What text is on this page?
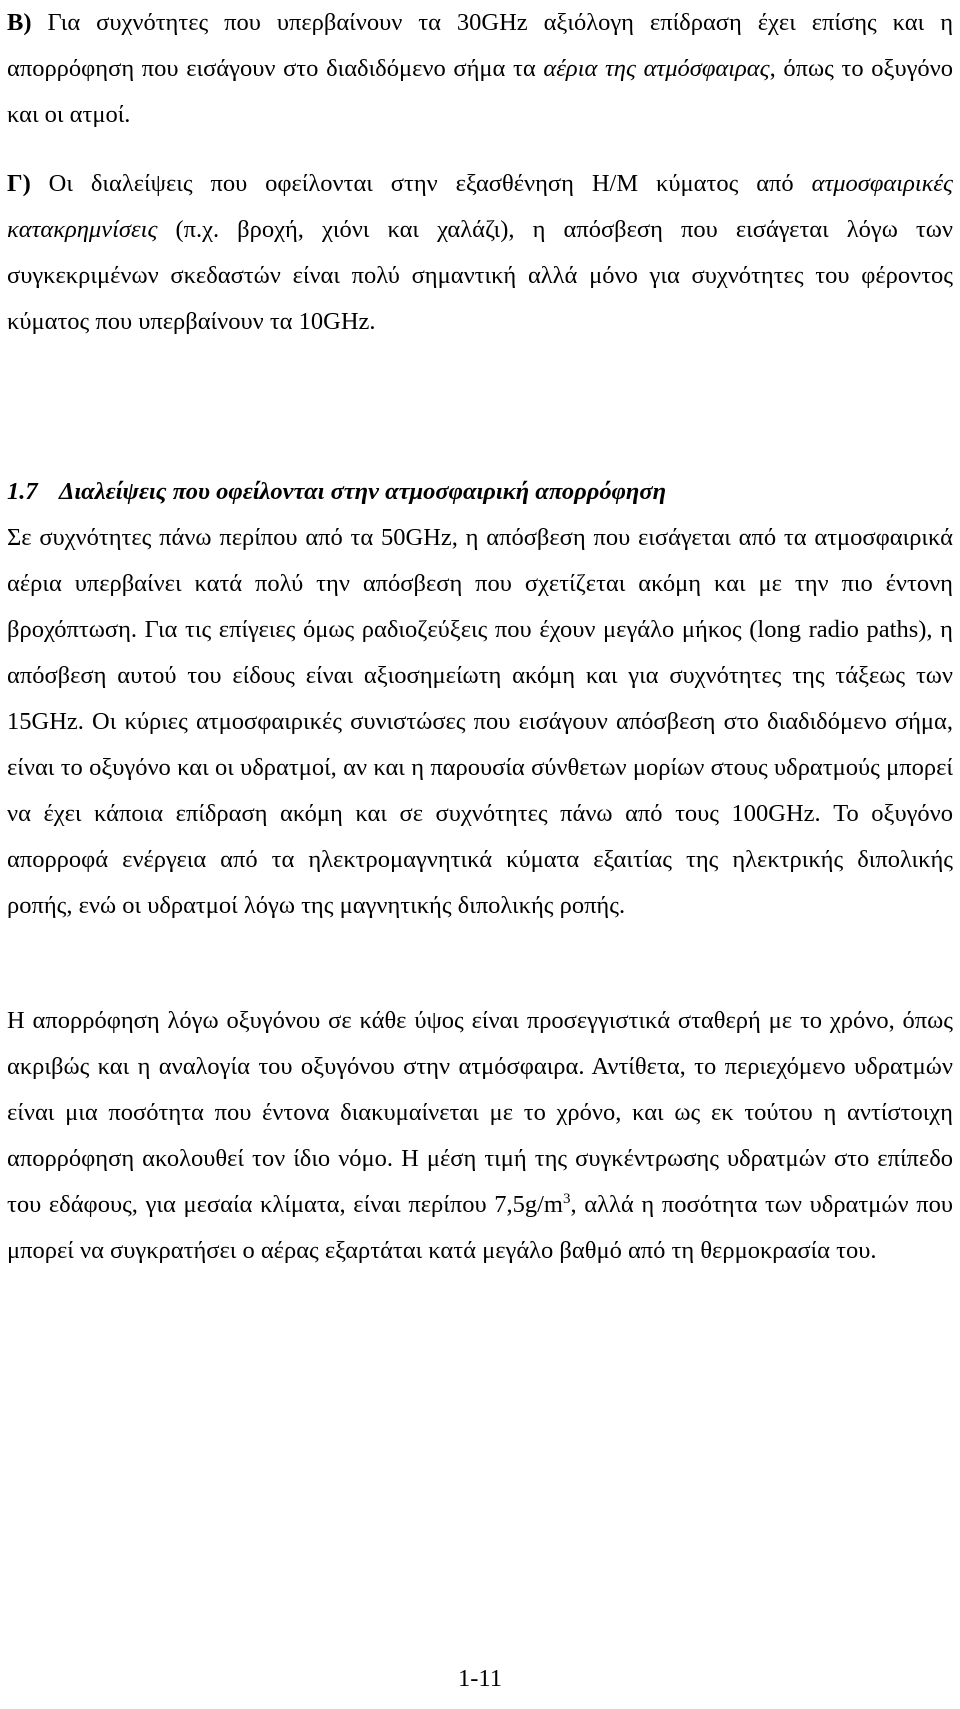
B) Για συχνότητες που υπερβαίνουν τα 30GHz αξιόλογη επίδραση έχει επίσης και η απορρόφηση που εισάγουν στο διαδιδόμενο σήμα τα αέρια της ατμόσφαιρας, όπως το οξυγόνο και οι ατμοί.

Γ) Οι διαλείψεις που οφείλονται στην εξασθένηση Η/Μ κύματος από ατμοσφαιρικές κατακρημνίσεις (π.χ. βροχή, χιόνι και χαλάζι), η απόσβεση που εισάγεται λόγω των συγκεκριμένων σκεδαστών είναι πολύ σημαντική αλλά μόνο για συχνότητες του φέροντος κύματος που υπερβαίνουν τα 10GHz.

1.7 Διαλείψεις που οφείλονται στην ατμοσφαιρική απορρόφηση

Σε συχνότητες πάνω περίπου από τα 50GHz, η απόσβεση που εισάγεται από τα ατμοσφαιρικά αέρια υπερβαίνει κατά πολύ την απόσβεση που σχετίζεται ακόμη και με την πιο έντονη βροχόπτωση. Για τις επίγειες όμως ραδιοζεύξεις που έχουν μεγάλο μήκος (long radio paths), η απόσβεση αυτού του είδους είναι αξιοσημείωτη ακόμη και για συχνότητες της τάξεως των 15GHz. Οι κύριες ατμοσφαιρικές συνιστώσες που εισάγουν απόσβεση στο διαδιδόμενο σήμα, είναι το οξυγόνο και οι υδρατμοί, αν και η παρουσία σύνθετων μορίων στους υδρατμούς μπορεί να έχει κάποια επίδραση ακόμη και σε συχνότητες πάνω από τους 100GHz. Το οξυγόνο απορροφά ενέργεια από τα ηλεκτρομαγνητικά κύματα εξαιτίας της ηλεκτρικής διπολικής ροπής, ενώ οι υδρατμοί λόγω της μαγνητικής διπολικής ροπής.

Η απορρόφηση λόγω οξυγόνου σε κάθε ύψος είναι προσεγγιστικά σταθερή με το χρόνο, όπως ακριβώς και η αναλογία του οξυγόνου στην ατμόσφαιρα. Αντίθετα, το περιεχόμενο υδρατμών είναι μια ποσότητα που έντονα διακυμαίνεται με το χρόνο, και ως εκ τούτου η αντίστοιχη απορρόφηση ακολουθεί τον ίδιο νόμο. Η μέση τιμή της συγκέντρωσης υδρατμών στο επίπεδο του εδάφους, για μεσαία κλίματα, είναι περίπου $7,5g/m^3$, αλλά η ποσότητα των υδρατμών που μπορεί να συγκρατήσει ο αέρας εξαρτάται κατά μεγάλο βαθμό από τη θερμοκρασία του.

1-11
